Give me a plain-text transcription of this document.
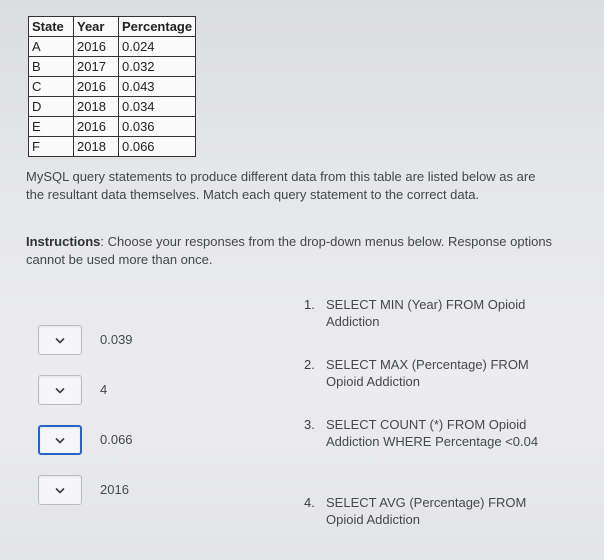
State	Year	Percentage
A	2016	0.024
B	2017	0.032
C	2016	0.043
D	2018	0.034
E	2016	0.036
F	2018	0.066

MySQL query statements to produce different data from this table are listed below as are the resultant data themselves. Match each query statement to the correct data.

Instructions: Choose your responses from the drop-down menus below. Response options cannot be used more than once.

0.039
4
0.066
2016
1. SELECT MIN (Year) FROM Opioid Addiction
2. SELECT MAX (Percentage) FROM Opioid Addiction
3. SELECT COUNT (*) FROM Opioid Addiction WHERE Percentage <0.04
4. SELECT AVG (Percentage) FROM Opioid Addiction
